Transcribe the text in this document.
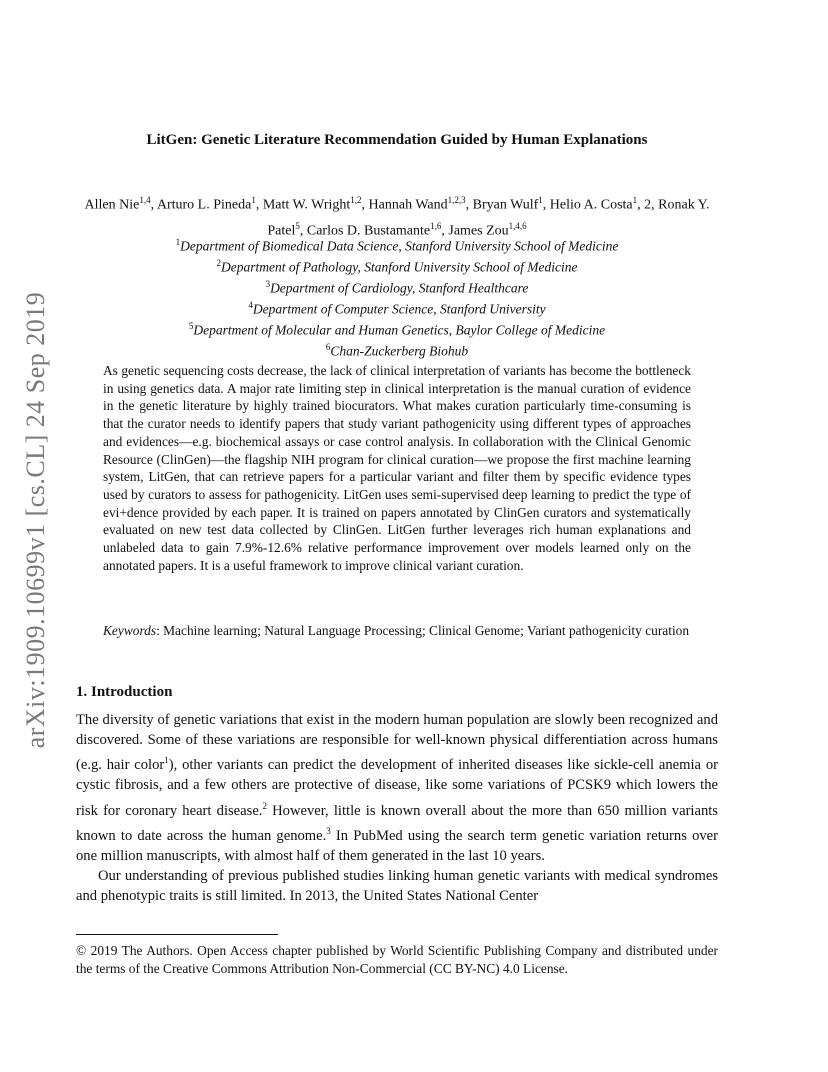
arXiv:1909.10699v1 [cs.CL] 24 Sep 2019
LitGen: Genetic Literature Recommendation Guided by Human Explanations
Allen Nie$^{1,4}$, Arturo L. Pineda$^1$, Matt W. Wright$^{1,2}$, Hannah Wand$^{1,2,3}$, Bryan Wulf$^1$, Helio A. Costa$^1$, 2, Ronak Y. Patel$^5$, Carlos D. Bustamante$^{1,6}$, James Zou$^{1,4,6}$
$^1$Department of Biomedical Data Science, Stanford University School of Medicine
$^2$Department of Pathology, Stanford University School of Medicine
$^3$Department of Cardiology, Stanford Healthcare
$^4$Department of Computer Science, Stanford University
$^5$Department of Molecular and Human Genetics, Baylor College of Medicine
$^6$Chan-Zuckerberg Biohub
As genetic sequencing costs decrease, the lack of clinical interpretation of variants has become the bottleneck in using genetics data. A major rate limiting step in clinical interpretation is the manual curation of evidence in the genetic literature by highly trained biocurators. What makes curation particularly time-consuming is that the curator needs to identify papers that study variant pathogenicity using different types of approaches and evidences—e.g. biochemical assays or case control analysis. In collaboration with the Clinical Genomic Resource (ClinGen)—the flagship NIH program for clinical curation—we propose the first machine learning system, LitGen, that can retrieve papers for a particular variant and filter them by specific evidence types used by curators to assess for pathogenicity. LitGen uses semi-supervised deep learning to predict the type of evi+dence provided by each paper. It is trained on papers annotated by ClinGen curators and systematically evaluated on new test data collected by ClinGen. LitGen further leverages rich human explanations and unlabeled data to gain 7.9%-12.6% relative performance improvement over models learned only on the annotated papers. It is a useful framework to improve clinical variant curation.
Keywords: Machine learning; Natural Language Processing; Clinical Genome; Variant pathogenicity curation
1. Introduction

The diversity of genetic variations that exist in the modern human population are slowly been recognized and discovered. Some of these variations are responsible for well-known physical differentiation across humans (e.g. hair color$^1$), other variants can predict the development of inherited diseases like sickle-cell anemia or cystic fibrosis, and a few others are protective of disease, like some variations of PCSK9 which lowers the risk for coronary heart disease.$^2$ However, little is known overall about the more than 650 million variants known to date across the human genome.$^3$ In PubMed using the search term genetic variation returns over one million manuscripts, with almost half of them generated in the last 10 years.

Our understanding of previous published studies linking human genetic variants with medical syndromes and phenotypic traits is still limited. In 2013, the United States National Center

© 2019 The Authors. Open Access chapter published by World Scientific Publishing Company and distributed under the terms of the Creative Commons Attribution Non-Commercial (CC BY-NC) 4.0 License.
